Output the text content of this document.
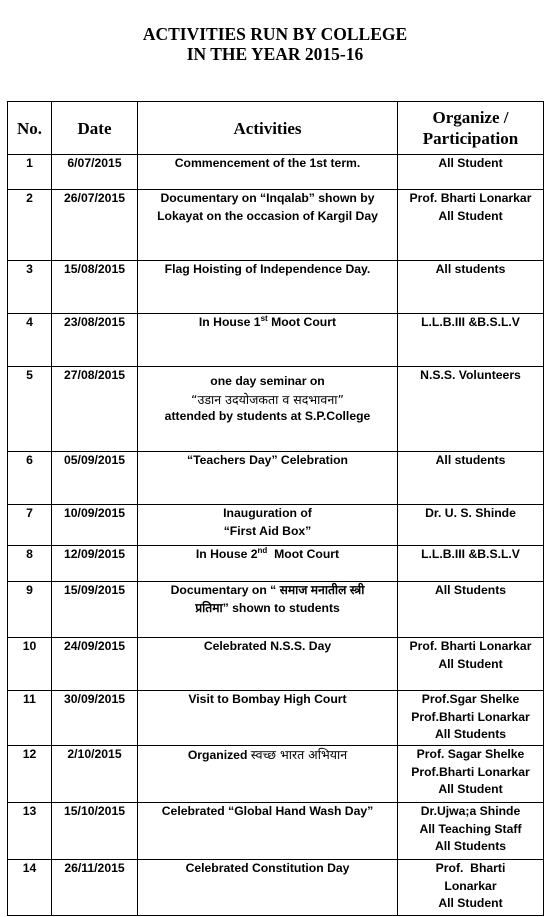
ACTIVITIES RUN BY COLLEGE
IN THE YEAR 2015-16
No.	Date	Activities	Organize /
Participation

1	6/07/2015	Commencement of the 1st term.	All Student

2	26/07/2015	Documentary on “Inqalab” shown by Lokayat on the occasion of Kargil Day	Prof. Bharti Lonarkar
All Student

3	15/08/2015	Flag Hoisting of Independence Day.	All students

4	23/08/2015	In House 1st Moot Court	L.L.B.III &B.S.L.V

5	27/08/2015	one day seminar on
“उडान उदयोजकता व सदभावना”
attended by students at S.P.College	N.S.S. Volunteers

6	05/09/2015	“Teachers Day” Celebration	All students

7	10/09/2015	Inauguration of
“First Aid Box”	Dr. U. S. Shinde

8	12/09/2015	In House 2nd  Moot Court	L.L.B.III &B.S.L.V

9	15/09/2015	Documentary on “ समाज मनातील स्त्री
प्रतिमा” shown to students	All Students

10	24/09/2015	Celebrated N.S.S. Day	Prof. Bharti Lonarkar
All Student

11	30/09/2015	Visit to Bombay High Court	Prof.Sgar Shelke
Prof.Bharti Lonarkar
All Students

12	2/10/2015	Organized स्वच्छ भारत अभियान	Prof. Sagar Shelke
Prof.Bharti Lonarkar
All Student

13	15/10/2015	Celebrated “Global Hand Wash Day”	Dr.Ujwa;a Shinde
All Teaching Staff
All Students

14	26/11/2015	Celebrated Constitution Day	Prof.  Bharti
Lonarkar
All Student
